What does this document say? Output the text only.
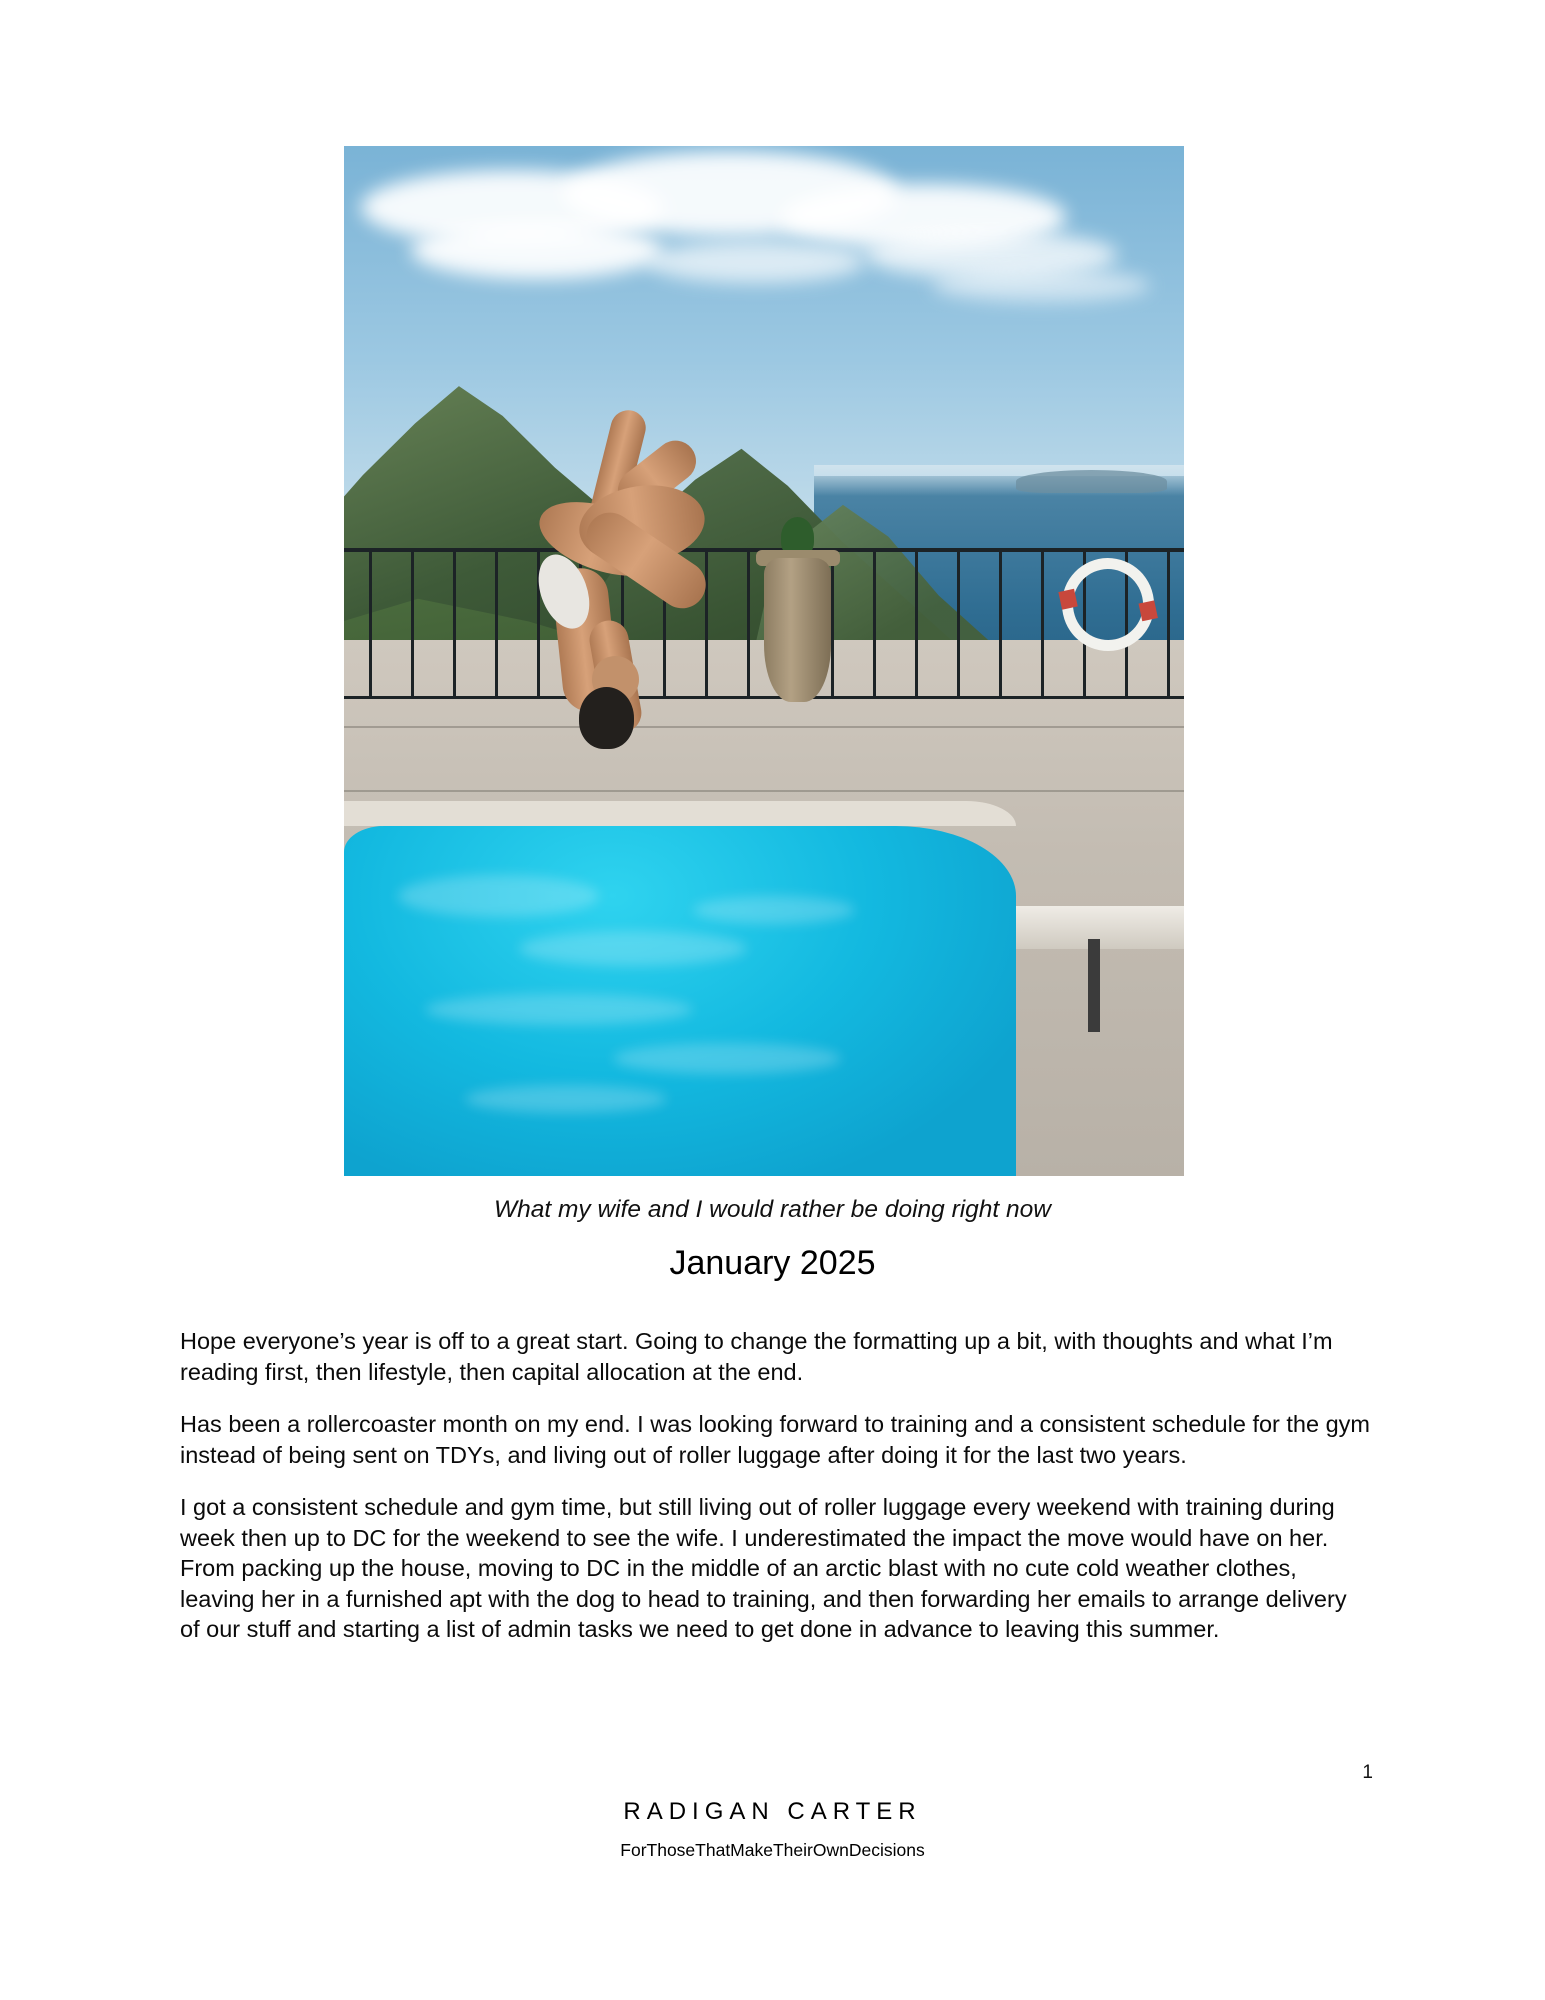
What my wife and I would rather be doing right now
January 2025

Hope everyone’s year is off to a great start. Going to change the formatting up a bit, with thoughts and what I’m reading first, then lifestyle, then capital allocation at the end.

Has been a rollercoaster month on my end. I was looking forward to training and a consistent schedule for the gym instead of being sent on TDYs, and living out of roller luggage after doing it for the last two years.

I got a consistent schedule and gym time, but still living out of roller luggage every weekend with training during week then up to DC for the weekend to see the wife. I underestimated the impact the move would have on her. From packing up the house, moving to DC in the middle of an arctic blast with no cute cold weather clothes, leaving her in a furnished apt with the dog to head to training, and then forwarding her emails to arrange delivery of our stuff and starting a list of admin tasks we need to get done in advance to leaving this summer.

1
RADIGAN CARTER
ForThoseThatMakeTheirOwnDecisions
